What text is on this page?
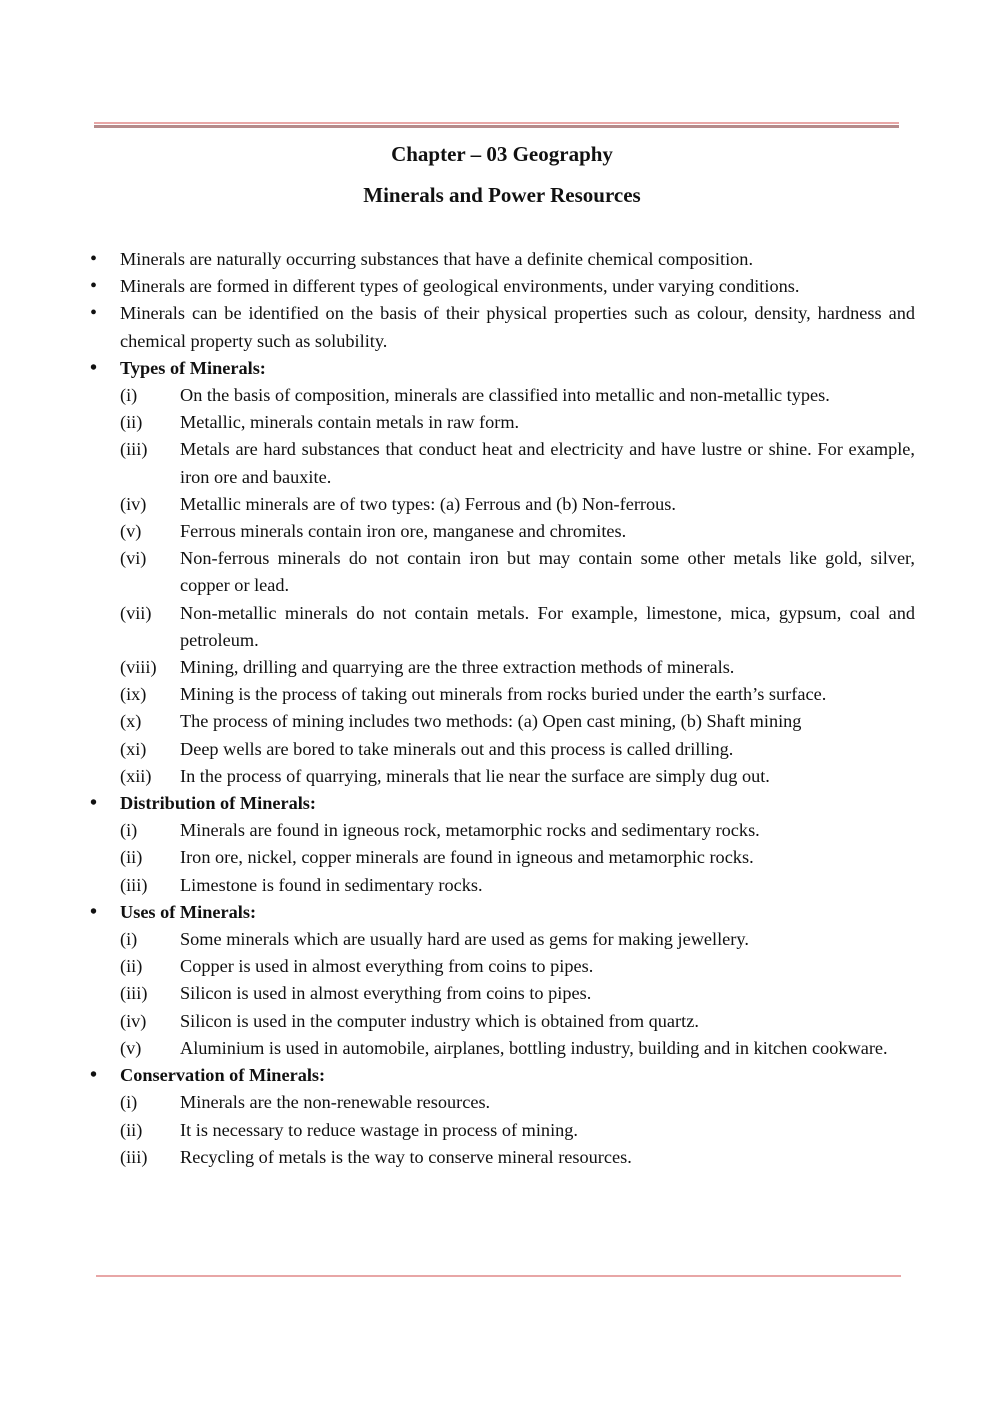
Chapter – 03 Geography
Minerals and Power Resources
• Minerals are naturally occurring substances that have a definite chemical composition.
• Minerals are formed in different types of geological environments, under varying conditions.
• Minerals can be identified on the basis of their physical properties such as colour, density, hardness and chemical property such as solubility.
• Types of Minerals:
(i) On the basis of composition, minerals are classified into metallic and non-metallic types.
(ii) Metallic, minerals contain metals in raw form.
(iii) Metals are hard substances that conduct heat and electricity and have lustre or shine. For example, iron ore and bauxite.
(iv) Metallic minerals are of two types: (a) Ferrous and (b) Non-ferrous.
(v) Ferrous minerals contain iron ore, manganese and chromites.
(vi) Non-ferrous minerals do not contain iron but may contain some other metals like gold, silver, copper or lead.
(vii) Non-metallic minerals do not contain metals. For example, limestone, mica, gypsum, coal and petroleum.
(viii) Mining, drilling and quarrying are the three extraction methods of minerals.
(ix) Mining is the process of taking out minerals from rocks buried under the earth’s surface.
(x) The process of mining includes two methods: (a) Open cast mining, (b) Shaft mining
(xi) Deep wells are bored to take minerals out and this process is called drilling.
(xii) In the process of quarrying, minerals that lie near the surface are simply dug out.
• Distribution of Minerals:
(i) Minerals are found in igneous rock, metamorphic rocks and sedimentary rocks.
(ii) Iron ore, nickel, copper minerals are found in igneous and metamorphic rocks.
(iii) Limestone is found in sedimentary rocks.
• Uses of Minerals:
(i) Some minerals which are usually hard are used as gems for making jewellery.
(ii) Copper is used in almost everything from coins to pipes.
(iii) Silicon is used in almost everything from coins to pipes.
(iv) Silicon is used in the computer industry which is obtained from quartz.
(v) Aluminium is used in automobile, airplanes, bottling industry, building and in kitchen cookware.
• Conservation of Minerals:
(i) Minerals are the non-renewable resources.
(ii) It is necessary to reduce wastage in process of mining.
(iii) Recycling of metals is the way to conserve mineral resources.
